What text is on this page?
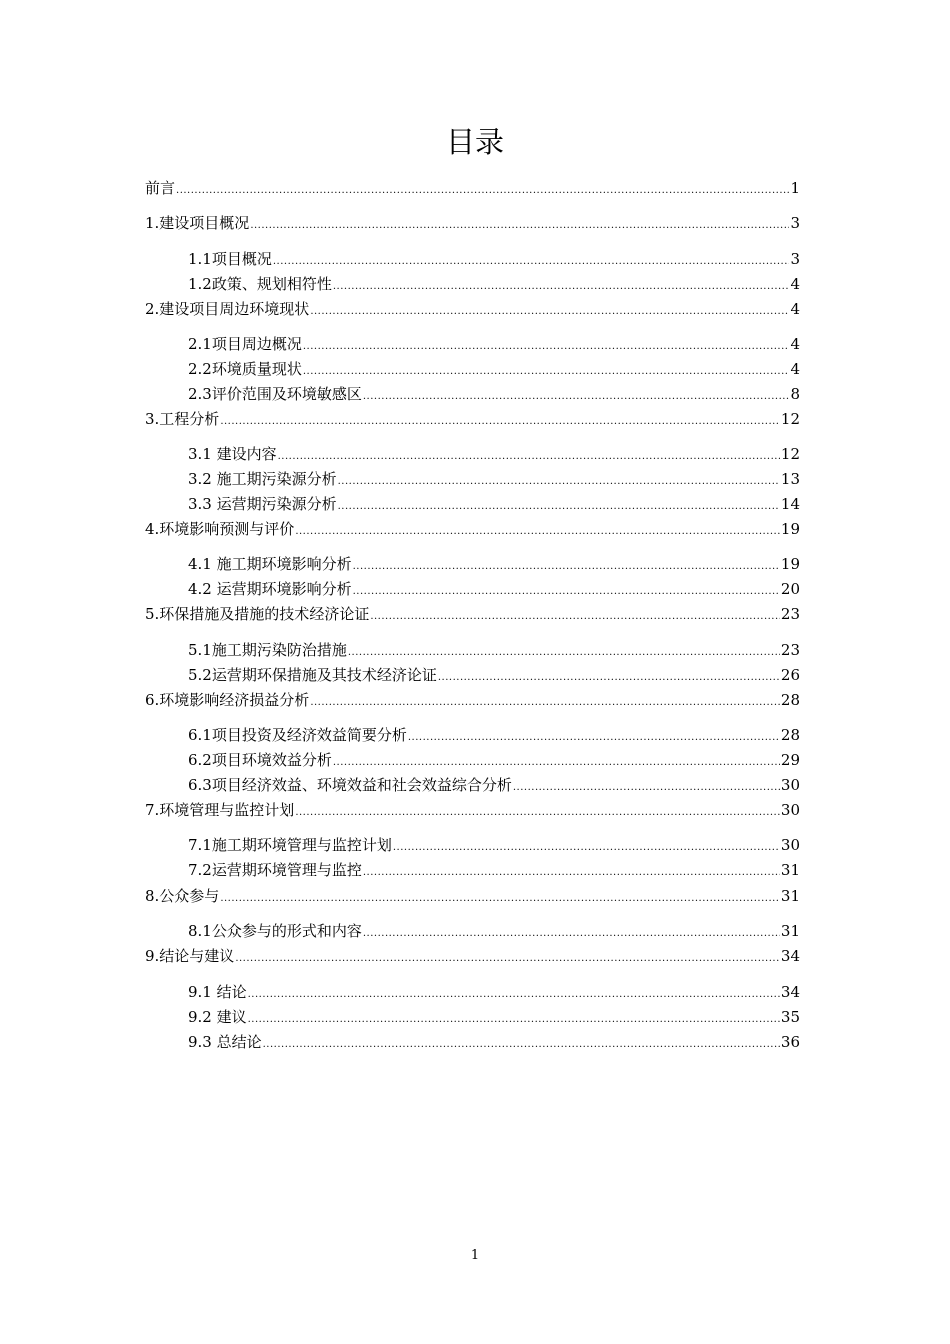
目录
前言 .....	1
1.建设项目概况 .....	3
1.1 项目概况 .....	3
1.2 政策、规划相符性 .....	4
2.建设项目周边环境现状 .....	4
2.1 项目周边概况 .....	4
2.2 环境质量现状 .....	4
2.3 评价范围及环境敏感区 .....	8
3.工程分析 .....	12
3.1 建设内容 .....	12
3.2 施工期污染源分析 .....	13
3.3 运营期污染源分析 .....	14
4.环境影响预测与评价 .....	19
4.1 施工期环境影响分析 .....	19
4.2 运营期环境影响分析 .....	20
5.环保措施及措施的技术经济论证 .....	23
5.1 施工期污染防治措施 .....	23
5.2 运营期环保措施及其技术经济论证 .....	26
6.环境影响经济损益分析 .....	28
6.1 项目投资及经济效益简要分析 .....	28
6.2 项目环境效益分析 .....	29
6.3 项目经济效益、环境效益和社会效益综合分析 .....	30
7.环境管理与监控计划 .....	30
7.1 施工期环境管理与监控计划 .....	30
7.2 运营期环境管理与监控 .....	31
8.公众参与 .....	31
8.1 公众参与的形式和内容 .....	31
9.结论与建议 .....	34
9.1 结论 .....	34
9.2 建议 .....	35
9.3 总结论 .....	36
1
